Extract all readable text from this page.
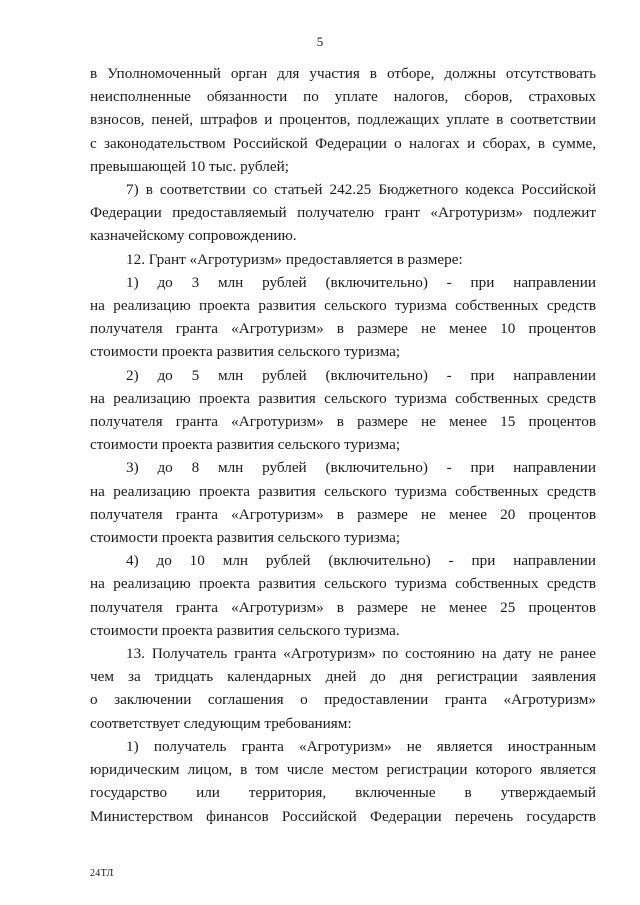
5

в Уполномоченный орган для участия в отборе, должны отсутствовать

неисполненные обязанности по уплате налогов, сборов, страховых

взносов, пеней, штрафов и процентов, подлежащих уплате в соответствии

с законодательством Российской Федерации о налогах и сборах, в сумме,

превышающей 10 тыс. рублей;

7) в соответствии со статьей 242.25 Бюджетного кодекса Российской

Федерации предоставляемый получателю грант «Агротуризм» подлежит

казначейскому сопровождению.

12. Грант «Агротуризм» предоставляется в размере:

1) до 3 млн рублей (включительно) - при направлении

на реализацию проекта развития сельского туризма собственных средств

получателя гранта «Агротуризм» в размере не менее 10 процентов

стоимости проекта развития сельского туризма;

2) до 5 млн рублей (включительно) - при направлении

на реализацию проекта развития сельского туризма собственных средств

получателя гранта «Агротуризм» в размере не менее 15 процентов

стоимости проекта развития сельского туризма;

3) до 8 млн рублей (включительно) - при направлении

на реализацию проекта развития сельского туризма собственных средств

получателя гранта «Агротуризм» в размере не менее 20 процентов

стоимости проекта развития сельского туризма;

4) до 10 млн рублей (включительно) - при направлении

на реализацию проекта развития сельского туризма собственных средств

получателя гранта «Агротуризм» в размере не менее 25 процентов

стоимости проекта развития сельского туризма.

13. Получатель гранта «Агротуризм» по состоянию на дату не ранее

чем за тридцать календарных дней до дня регистрации заявления

о заключении соглашения о предоставлении гранта «Агротуризм»

соответствует следующим требованиям:

1) получатель гранта «Агротуризм» не является иностранным

юридическим лицом, в том числе местом регистрации которого является

государство или территория, включенные в утверждаемый

Министерством финансов Российской Федерации перечень государств

24ТЛ
